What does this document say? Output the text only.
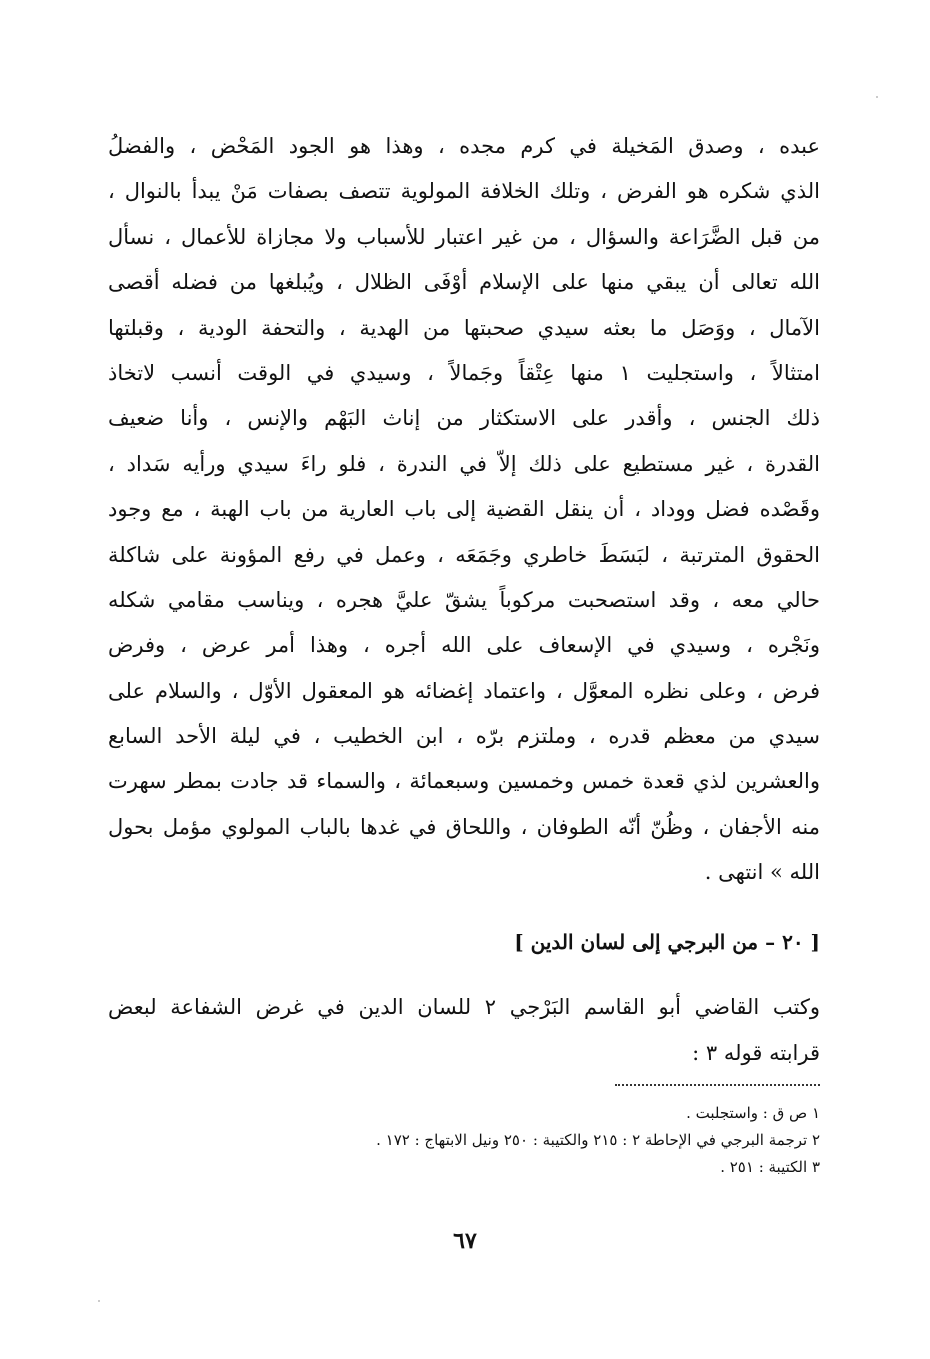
عبده ، وصدق المَخيلة في كرم مجده ، وهذا هو الجود المَحْض ، والفضلُ
الذي شكره هو الفرض ، وتلك الخلافة المولوية تتصف بصفات مَنْ يبدأ بالنوال ،
من قبل الضَّرَاعة والسؤال ، من غير اعتبار للأسباب ولا مجازاة للأعمال ، نسأل
الله تعالى أن يبقي منها على الإسلام أوْفَى الظلال ، ويُبلغها من فضله أقصى
الآمال ، ووَصَل ما بعثه سيدي صحبتها من الهدية ، والتحفة الودية ، وقبلتها
امتثالاً ، واستجليت ١ منها عِتْقاً وجَمالاً ، وسيدي في الوقت أنسب لاتخاذ
ذلك الجنس ، وأقدر على الاستكثار من إناث البَهْم والإنس ، وأنا ضعيف
القدرة ، غير مستطيع على ذلك إلاّ في الندرة ، فلو راءَ سيدي ورأيه سَداد ،
وقَصْده فضل ووداد ، أن ينقل القضية إلى باب العارية من باب الهبة ، مع وجود
الحقوق المترتبة ، لبَسَطَ خاطري وجَمَعَه ، وعمل في رفع المؤونة على شاكلة
حالي معه ، وقد استصحبت مركوباً يشقّ عليَّ هجره ، ويناسب مقامي شكله
ونَجْره ، وسيدي في الإسعاف على الله أجره ، وهذا أمر عرض ، وفرض
فرض ، وعلى نظره المعوَّل ، واعتماد إغضائه هو المعقول الأوّل ، والسلام على
سيدي من معظم قدره ، وملتزم برّه ، ابن الخطيب ، في ليلة الأحد السابع
والعشرين لذي قعدة خمس وخمسين وسبعمائة ، والسماء قد جادت بمطر سهرت
منه الأجفان ، وظُنّ أنّه الطوفان ، واللحاق في غدها بالباب المولوي مؤمل بحول
الله » انتهى .
[ ٢٠ – من البرجي إلى لسان الدين ]
وكتب القاضي أبو القاسم البَرْجي ٢ للسان الدين في غرض الشفاعة لبعض
قرابته قوله ٣ :
١ ص ق : واستجلبت .
٢ ترجمة البرجي في الإحاطة ٢ : ٢١٥ والكتيبة : ٢٥٠ ونيل الابتهاج : ١٧٢ .
٣ الكتيبة : ٢٥١ .
٦٧
